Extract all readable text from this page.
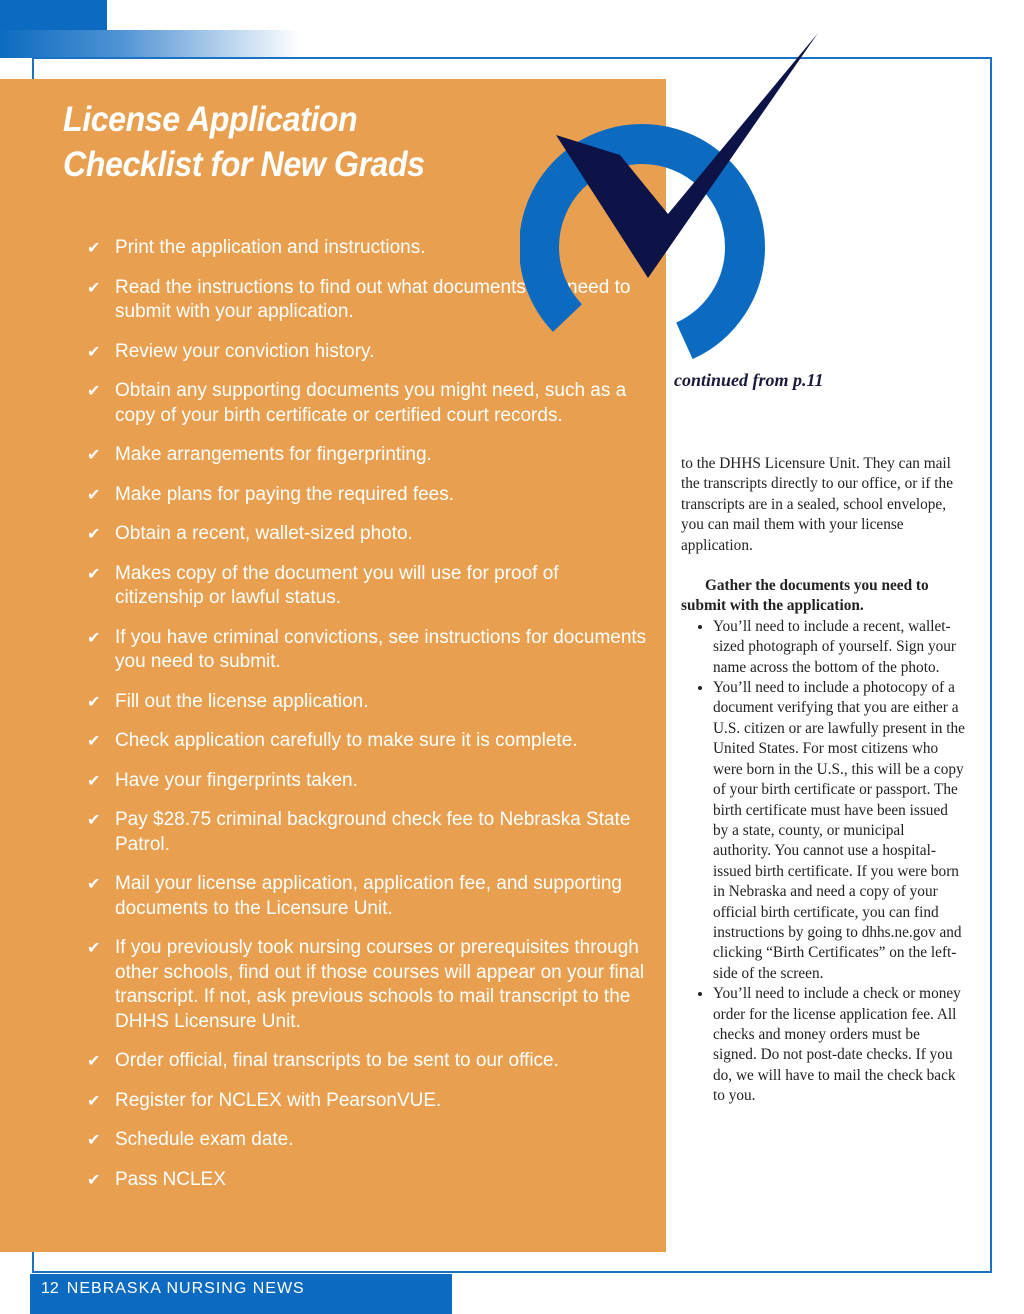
License Application
Checklist for New Grads
✔ Print the application and instructions.
✔ Read the instructions to find out what documents you need to submit with your application.
✔ Review your conviction history.
✔ Obtain any supporting documents you might need, such as a copy of your birth certificate or certified court records.
✔ Make arrangements for fingerprinting.
✔ Make plans for paying the required fees.
✔ Obtain a recent, wallet-sized photo.
✔ Makes copy of the document you will use for proof of citizenship or lawful status.
✔ If you have criminal convictions, see instructions for documents you need to submit.
✔ Fill out the license application.
✔ Check application carefully to make sure it is complete.
✔ Have your fingerprints taken.
✔ Pay $28.75 criminal background check fee to Nebraska State Patrol.
✔ Mail your license application, application fee, and supporting documents to the Licensure Unit.
✔ If you previously took nursing courses or prerequisites through other schools, find out if those courses will appear on your final transcript. If not, ask previous schools to mail transcript to the DHHS Licensure Unit.
✔ Order official, final transcripts to be sent to our office.
✔ Register for NCLEX with PearsonVUE.
✔ Schedule exam date.
✔ Pass NCLEX

continued from p.11

to the DHHS Licensure Unit. They can mail the transcripts directly to our office, or if the transcripts are in a sealed, school envelope, you can mail them with your license application.

Gather the documents you need to submit with the application.

• You’ll need to include a recent, wallet-sized photograph of yourself. Sign your name across the bottom of the photo.
• You’ll need to include a photocopy of a document verifying that you are either a U.S. citizen or are lawfully present in the United States. For most citizens who were born in the U.S., this will be a copy of your birth certificate or passport. The birth certificate must have been issued by a state, county, or municipal authority. You cannot use a hospital-issued birth certificate. If you were born in Nebraska and need a copy of your official birth certificate, you can find instructions by going to dhhs.ne.gov and clicking “Birth Certificates” on the left-side of the screen.
• You’ll need to include a check or money order for the license application fee. All checks and money orders must be signed. Do not post-date checks. If you do, we will have to mail the check back to you.

12 NEBRASKA NURSING NEWS
